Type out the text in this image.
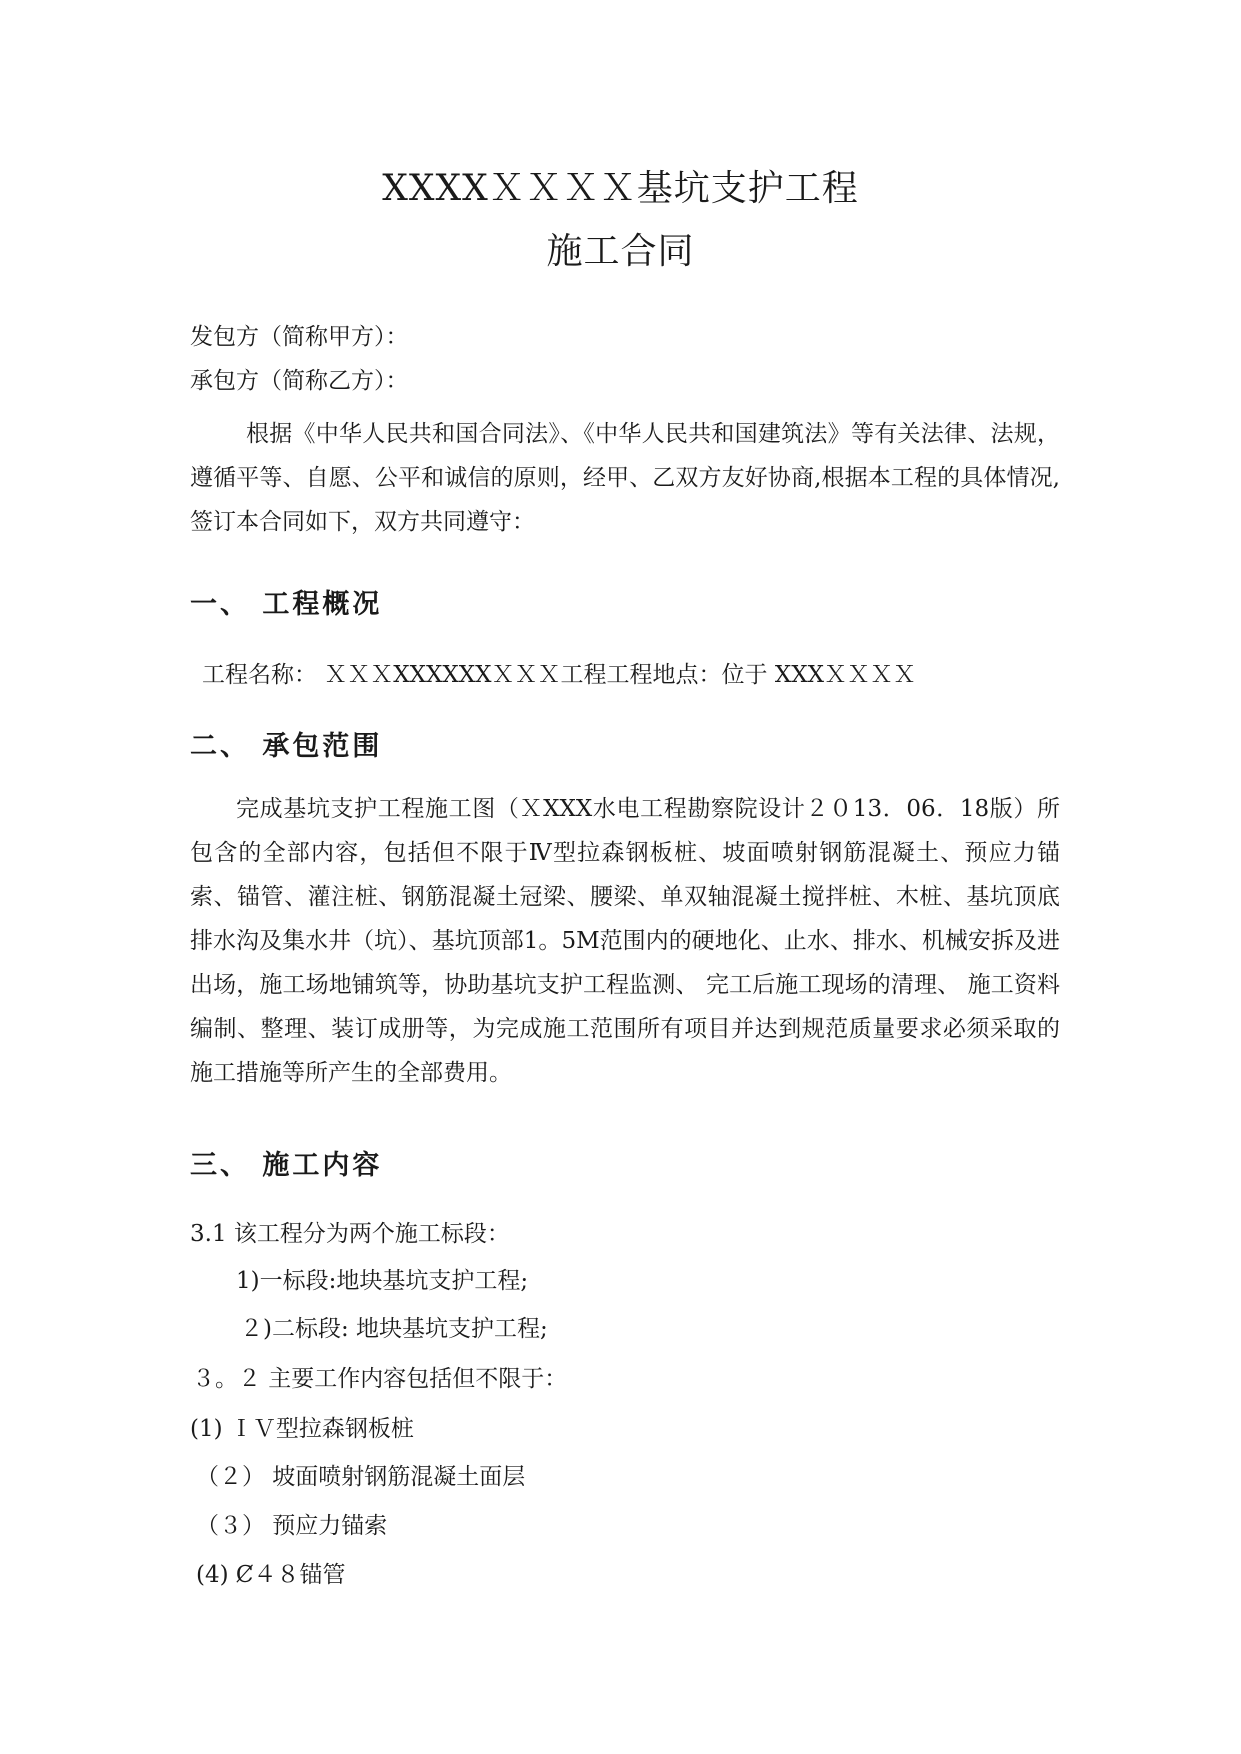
XXXXＸＸＸＸ基坑支护工程
施工合同
发包方（简称甲方）：
承包方（简称乙方）：
根据《中华人民共和国合同法》、《中华人民共和国建筑法》等有关法律、法规，遵循平等、自愿、公平和诚信的原则，经甲、乙双方友好协商,根据本工程的具体情况,签订本合同如下，双方共同遵守：
一、 工程概况
工程名称： ＸＸＸXXXXXXＸＸＸ工程工程地点：位于 XXXＸＸＸＸ
二、 承包范围
完成基坑支护工程施工图（ＸXXX水电工程勘察院设计２０13．06．18版）所包含的全部内容，包括但不限于Ⅳ型拉森钢板桩、坡面喷射钢筋混凝土、预应力锚索、锚管、灌注桩、钢筋混凝土冠梁、腰梁、单双轴混凝土搅拌桩、木桩、基坑顶底排水沟及集水井（坑）、基坑顶部1。5M范围内的硬地化、止水、排水、机械安拆及进出场，施工场地铺筑等，协助基坑支护工程监测、 完工后施工现场的清理、 施工资料编制、整理、装订成册等，为完成施工范围所有项目并达到规范质量要求必须采取的施工措施等所产生的全部费用。
三、 施工内容
3.1 该工程分为两个施工标段：
1)一标段:地块基坑支护工程;
２)二标段: 地块基坑支护工程;
３。２ 主要工作内容包括但不限于：
(1) ＩＶ型拉森钢板桩
（２） 坡面喷射钢筋混凝土面层
（３） 预应力锚索
(4) Ȼ４８锚管
